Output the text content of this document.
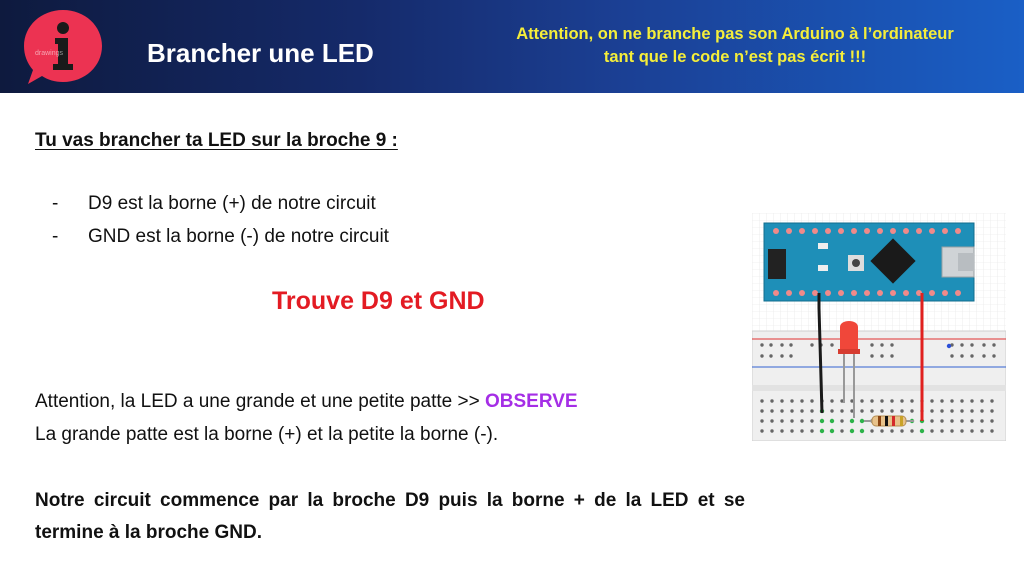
drawings	Brancher une LED
Attention, on ne branche pas son Arduino à l’ordinateur
tant que le code n’est pas écrit !!!
Tu vas brancher ta LED sur la broche 9 :
-	D9 est la borne (+) de notre circuit
-	GND est la borne (-) de notre circuit
Trouve D9 et GND
Attention, la LED a une grande et une petite patte >> OBSERVE
La grande patte est la borne (+) et la petite la borne (-).
Notre circuit commence par la broche D9 puis la borne + de la LED et se termine à la broche GND.
